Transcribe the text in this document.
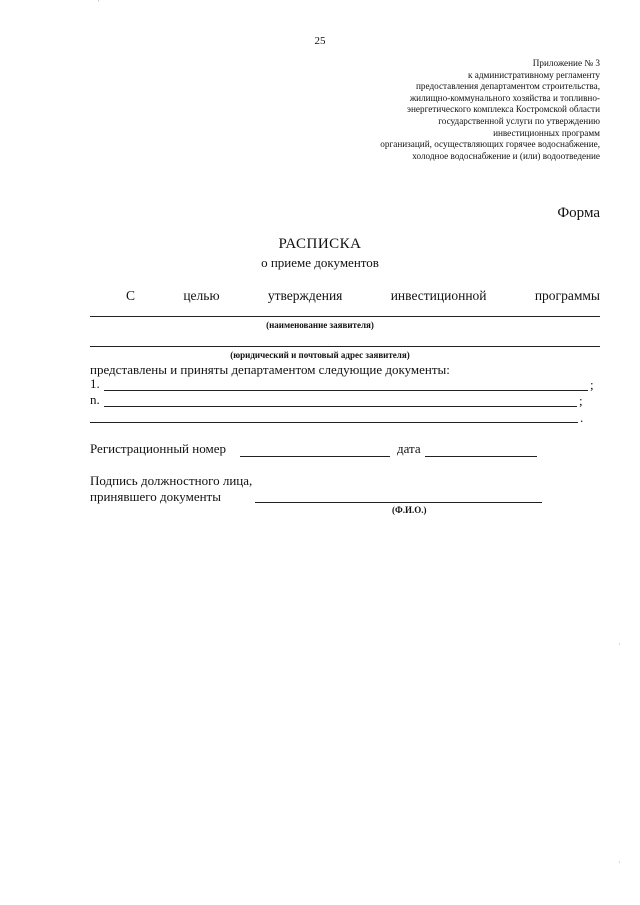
'
25
Приложение № 3
к административному регламенту
предоставления департаментом строительства,
жилищно-коммунального хозяйства и топливно-
энергетического комплекса Костромской области
государственной услуги по утверждению
инвестиционных программ
организаций, осуществляющих горячее водоснабжение,
холодное водоснабжение и (или) водоотведение
Форма
РАСПИСКА
о приеме документов
С	целью	утверждения	инвестиционной	программы
(наименование заявителя)
(юридический и почтовый адрес заявителя)
представлены и приняты департаментом следующие документы:
1.	;
n.	;
.
Регистрационный номер	дата
Подпись должностного лица,
принявшего документы
(Ф.И.О.)
·
·
